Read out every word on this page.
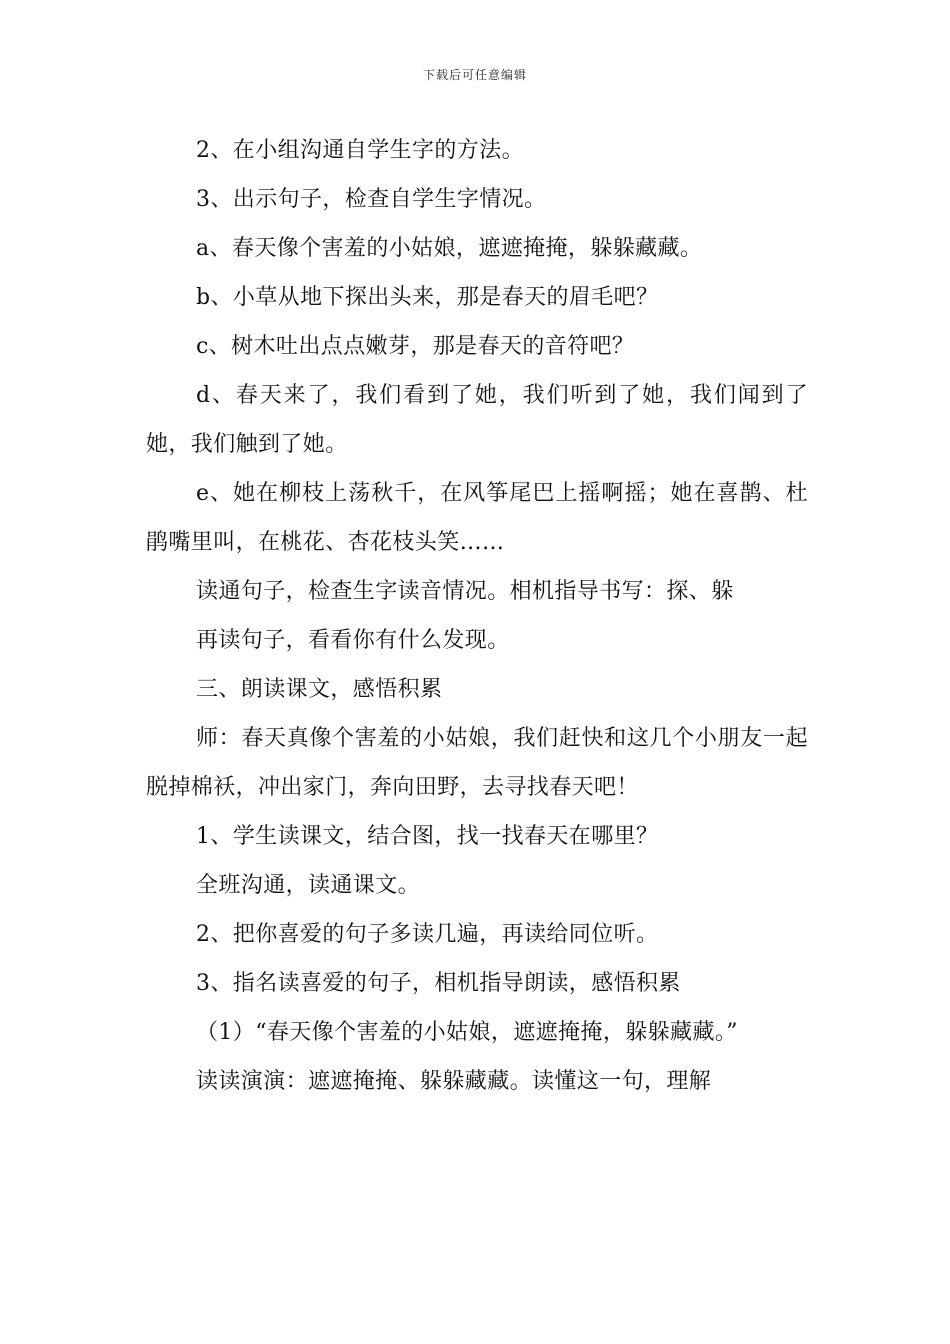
下载后可任意编辑

2、在小组沟通自学生字的方法。

3、出示句子，检查自学生字情况。

a、春天像个害羞的小姑娘，遮遮掩掩，躲躲藏藏。

b、小草从地下探出头来，那是春天的眉毛吧？

c、树木吐出点点嫩芽，那是春天的音符吧？

d、春天来了，我们看到了她，我们听到了她，我们闻到了她，我们触到了她。

e、她在柳枝上荡秋千，在风筝尾巴上摇啊摇；她在喜鹊、杜鹃嘴里叫，在桃花、杏花枝头笑……

读通句子，检查生字读音情况。相机指导书写：探、躲

再读句子，看看你有什么发现。

三、朗读课文，感悟积累

师：春天真像个害羞的小姑娘，我们赶快和这几个小朋友一起脱掉棉袄，冲出家门，奔向田野，去寻找春天吧！

1、学生读课文，结合图，找一找春天在哪里？

全班沟通，读通课文。

2、把你喜爱的句子多读几遍，再读给同位听。

3、指名读喜爱的句子，相机指导朗读，感悟积累

（1）“春天像个害羞的小姑娘，遮遮掩掩，躲躲藏藏。”

读读演演：遮遮掩掩、躲躲藏藏。读懂这一句，理解
